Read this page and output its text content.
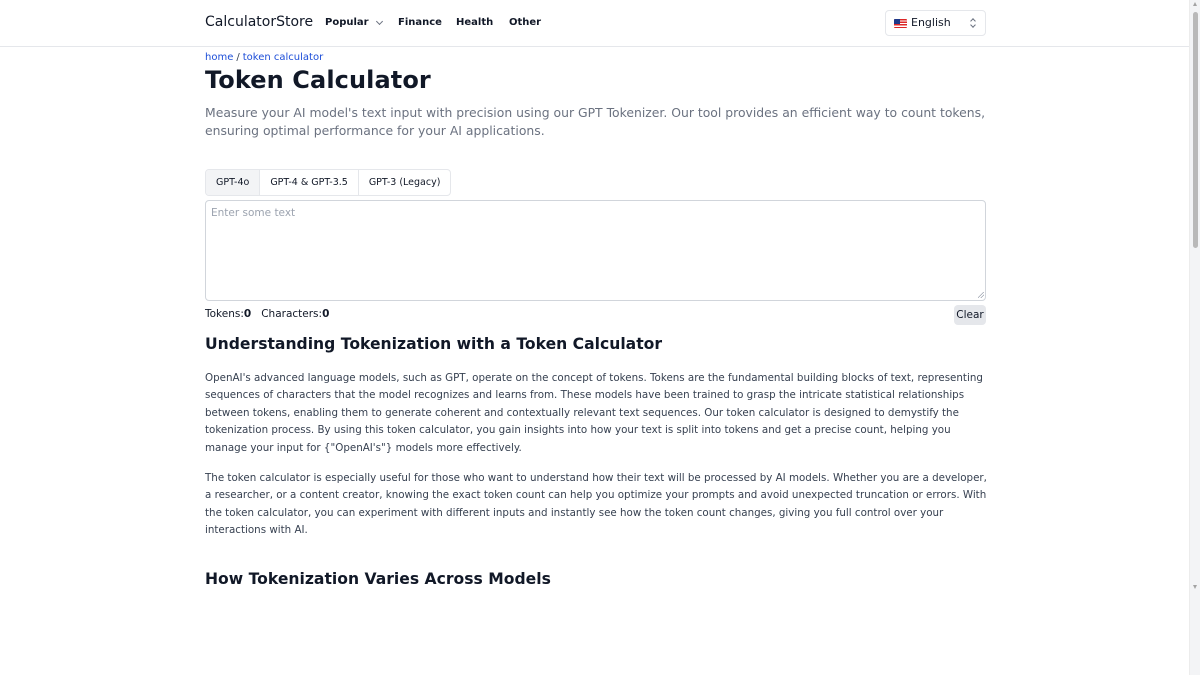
CalculatorStore Popular	Finance Health Other	English
home / token calculator
Token Calculator

Measure your AI model's text input with precision using our GPT Tokenizer. Our tool provides an efficient way to count tokens, ensuring optimal performance for your AI applications.

GPT-4o	GPT-4 & GPT-3.5	GPT-3 (Legacy)
Enter some text
Tokens:0 Characters:0	Clear
Understanding Tokenization with a Token Calculator

OpenAI's advanced language models, such as GPT, operate on the concept of tokens. Tokens are the fundamental building blocks of text, representing sequences of characters that the model recognizes and learns from. These models have been trained to grasp the intricate statistical relationships between tokens, enabling them to generate coherent and contextually relevant text sequences. Our token calculator is designed to demystify the tokenization process. By using this token calculator, you gain insights into how your text is split into tokens and get a precise count, helping you manage your input for {"OpenAI's"} models more effectively.

The token calculator is especially useful for those who want to understand how their text will be processed by AI models. Whether you are a developer, a researcher, or a content creator, knowing the exact token count can help you optimize your prompts and avoid unexpected truncation or errors. With the token calculator, you can experiment with different inputs and instantly see how the token count changes, giving you full control over your interactions with AI.

How Tokenization Varies Across Models
